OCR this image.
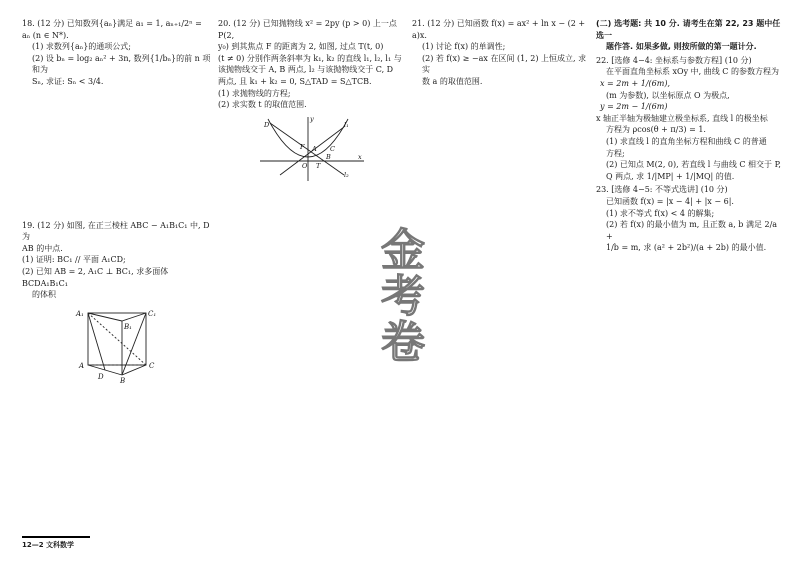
18. (12 分) 已知数列{aₙ}满足 a₁ = 1, aₙ₊₁/2ⁿ = aₙ (n ∈ N*).

(1) 求数列{aₙ}的通项公式;

(2) 设 bₙ = log₂ aₙ² + 3n, 数列{1/bₙ}的前 n 项和为

Sₙ, 求证: Sₙ < 3/4.

19. (12 分) 如图, 在正三棱柱 ABC − A₁B₁C₁ 中, D 为

AB 的中点.

(1) 证明: BC₁ // 平面 A₁CD;

(2) 已知 AB = 2, A₁C ⊥ BC₁, 求多面体 BCDA₁B₁C₁

的体积

A₁	C₁
B₁
A
D
C
B

20. (12 分) 已知抛物线 x² = 2py (p > 0) 上一点 P(2,

y₀) 到其焦点 F 的距离为 2, 如图, 过点 T(t, 0)

(t ≠ 0) 分别作两条斜率为 k₁, k₂ 的直线 l₁, l₂, l₁ 与

该抛物线交于 A, B 两点, l₂ 与该抛物线交于 C, D

两点, 且 k₁ + k₂ = 0, S△TAD = S△TCB.

(1) 求抛物线的方程;

(2) 求实数 t 的取值范围.

y
D
F A
B
C
O T
x
l₁
l₂

21. (12 分) 已知函数 f(x) = ax² + ln x − (2 + a)x.

(1) 讨论 f(x) 的单调性;

(2) 若 f(x) ≥ −ax 在区间 (1, 2) 上恒成立, 求实

数 a 的取值范围.

(二) 选考题: 共 10 分. 请考生在第 22, 23 题中任选一

题作答. 如果多做, 则按所做的第一题计分.

22. [选修 4−4: 坐标系与参数方程] (10 分)

在平面直角坐标系 xOy 中, 曲线 C 的参数方程为

x = 2m + 1/(6m),

(m 为参数), 以坐标原点 O 为极点,

y = 2m − 1/(6m)

x 轴正半轴为极轴建立极坐标系, 直线 l 的极坐标

方程为 ρcos(θ + π/3) = 1.

(1) 求直线 l 的直角坐标方程和曲线 C 的普通

方程;

(2) 已知点 M(2, 0), 若直线 l 与曲线 C 相交于 P,

Q 两点, 求 1/|MP| + 1/|MQ| 的值.

23. [选修 4−5: 不等式选讲] (10 分)

已知函数 f(x) = |x − 4| + |x − 6|.

(1) 求不等式 f(x) < 4 的解集;

(2) 若 f(x) 的最小值为 m, 且正数 a, b 满足 2/a +

1/b = m, 求 (a² + 2b²)/(a + 2b) 的最小值.

金考卷
12—2 文科数学
